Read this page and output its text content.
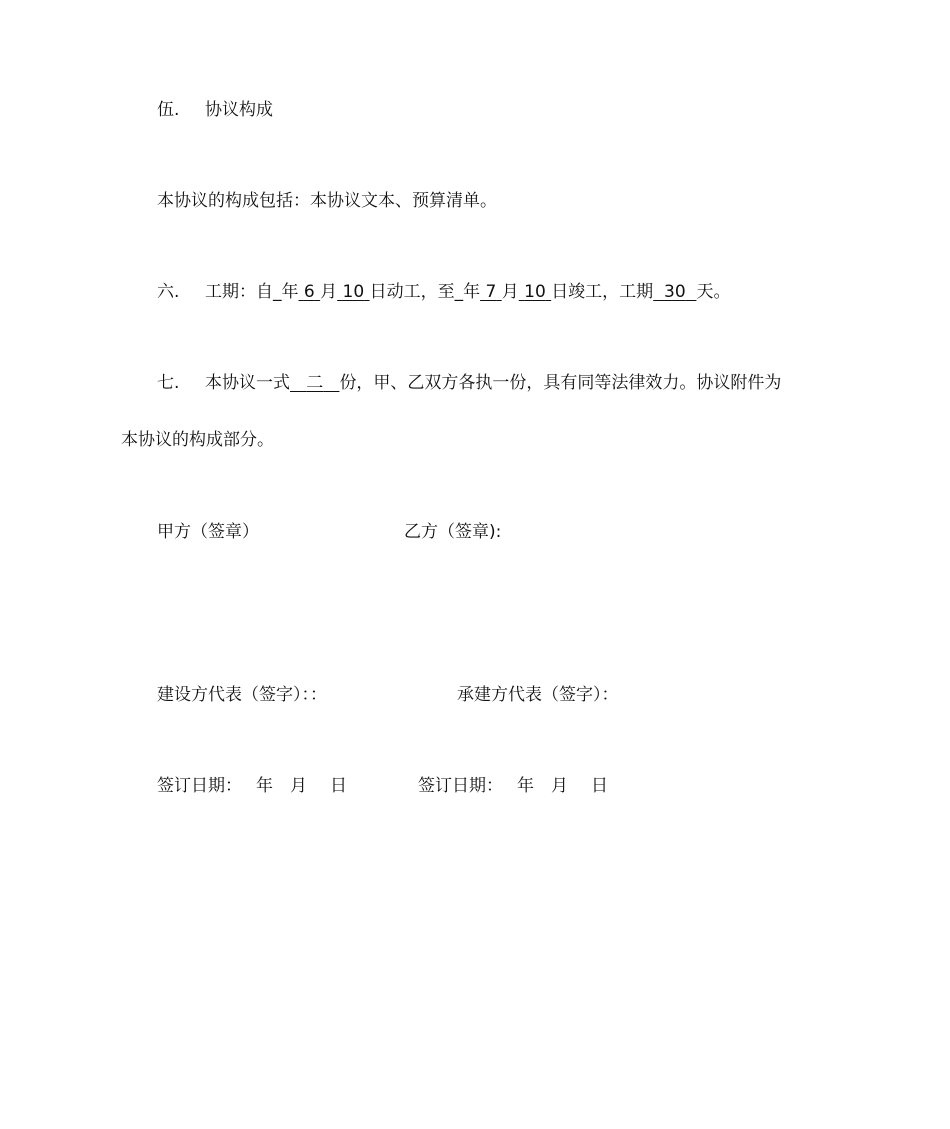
伍. 协议构成
本协议的构成包括：本协议文本、预算清单。
六. 工期：自_年 6 月 10 日动工，至_年 7 月 10 日竣工，工期 30 天。
七. 本协议一式 二 份，甲、乙双方各执一份，具有同等法律效力。协议附件为
本协议的构成部分。
甲方（签章）	乙方（签章):
建设方代表（签字）：：	承建方代表（签字）：
签订日期： 年 月 日	签订日期： 年 月 日
